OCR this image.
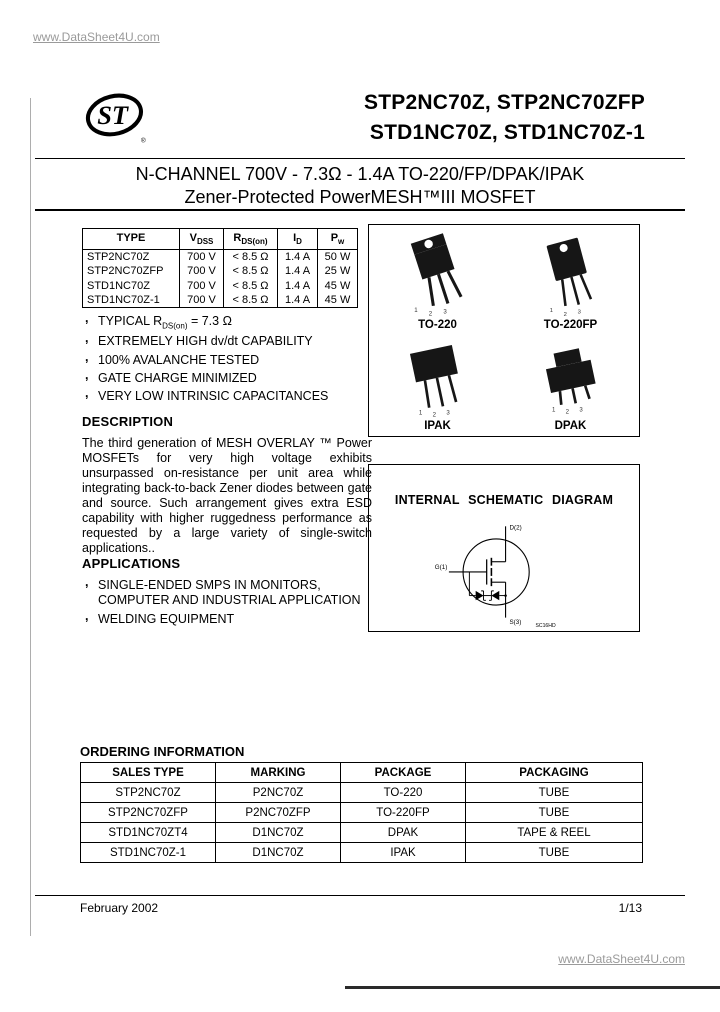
www.DataSheet4U.com
ST
®
STP2NC70Z, STP2NC70ZFP
STD1NC70Z, STD1NC70Z-1
N-CHANNEL 700V - 7.3Ω - 1.4A TO-220/FP/DPAK/IPAK
Zener-Protected PowerMESH™III MOSFET
TYPE	$V_{DSS}$	$R_{DS(on)}$	$I_D$	$P_w$
STP2NC70Z	700 V	< 8.5 Ω	1.4 A	50 W
STP2NC70ZFP	700 V	< 8.5 Ω	1.4 A	25 W
STD1NC70Z	700 V	< 8.5 Ω	1.4 A	45 W
STD1NC70Z-1	700 V	< 8.5 Ω	1.4 A	45 W
, TYPICAL $R_{DS(on)} = 7.3$ Ω
, EXTREMELY HIGH dv/dt CAPABILITY
, 100% AVALANCHE TESTED
, GATE CHARGE MINIMIZED
, VERY LOW INTRINSIC CAPACITANCES
DESCRIPTION

The third generation of MESH OVERLAY ™ Power MOSFETs for very high voltage exhibits unsurpassed on-resistance per unit area while integrating back-to-back Zener diodes between gate and source. Such arrangement gives extra ESD capability with higher ruggedness performance as requested by a large variety of single-switch applications..

APPLICATIONS
, SINGLE-ENDED SMPS IN MONITORS, COMPUTER AND INDUSTRIAL APPLICATION
, WELDING EQUIPMENT
1
2 3
TO-220
1
2 3
TO-220FP
1 2 3
IPAK
1 2 3
DPAK
INTERNAL SCHEMATIC DIAGRAM
D(2)
G(1)
S(3)
SC16HD
ORDERING INFORMATION
SALES TYPE	MARKING	PACKAGE	PACKAGING
STP2NC70Z	P2NC70Z	TO-220	TUBE
STP2NC70ZFP	P2NC70ZFP	TO-220FP	TUBE
STD1NC70ZT4	D1NC70Z	DPAK	TAPE & REEL
STD1NC70Z-1	D1NC70Z	IPAK	TUBE
February 2002	1/13
www.DataSheet4U.com
